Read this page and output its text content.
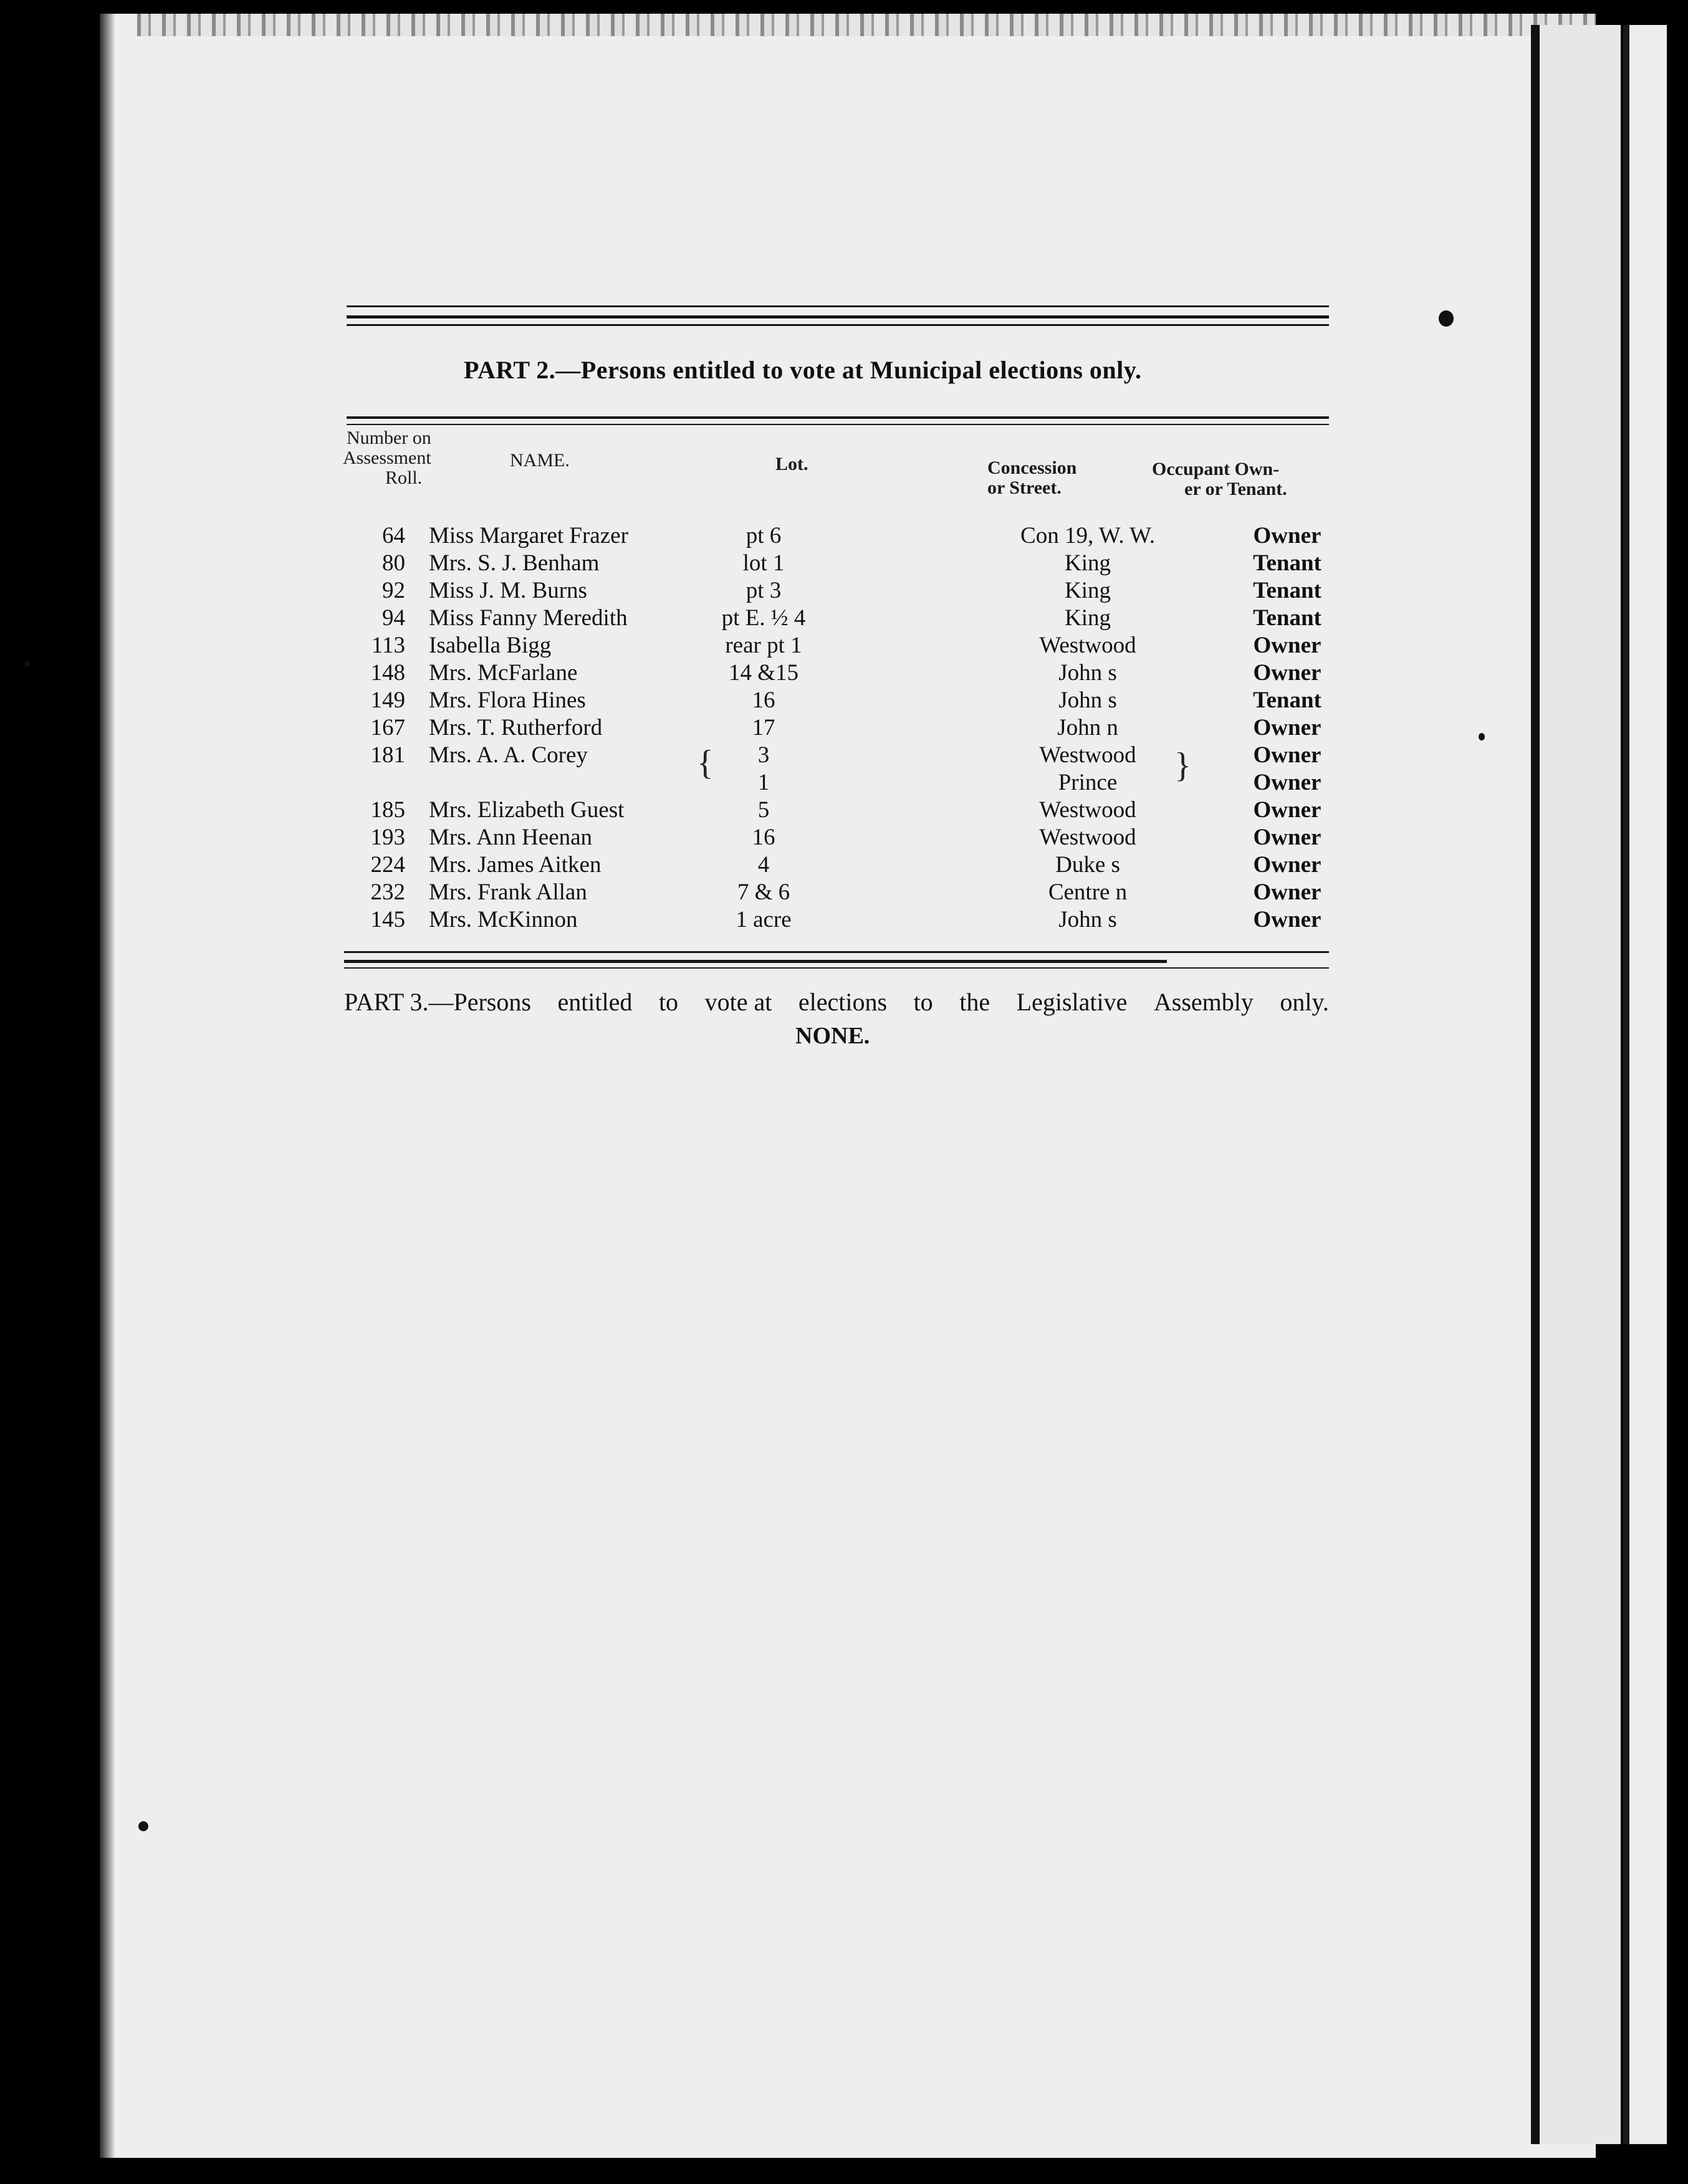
PART 2.—Persons entitled to vote at Municipal elections only.
Number on
Assessment
Roll.
NAME.	Lot.	Concession
or Street.
Occupant Own-
er or Tenant.
64 Miss Margaret Frazer	pt 6	Con 19, W. W.	Owner
80 Mrs. S. J. Benham	lot 1	King	Tenant
92 Miss J. M. Burns	pt 3	King	Tenant
94 Miss Fanny Meredith	pt E. ½ 4	King	Tenant
113 Isabella Bigg	rear pt 1	Westwood	Owner
148 Mrs. McFarlane	14 &15	John s	Owner
149 Mrs. Flora Hines	16	John s	Tenant
167 Mrs. T. Rutherford	17	John n	Owner
181 Mrs. A. A. Corey	3	Westwood	Owner
1	Prince	Owner
{	}
185 Mrs. Elizabeth Guest	5	Westwood	Owner
193 Mrs. Ann Heenan	16	Westwood	Owner
224 Mrs. James Aitken	4	Duke s	Owner
232 Mrs. Frank Allan	7 & 6	Centre n	Owner
145 Mrs. McKinnon	1 acre	John s	Owner
PART 3.—Persons entitled to vote at elections to the Legislative Assembly only.
NONE.
